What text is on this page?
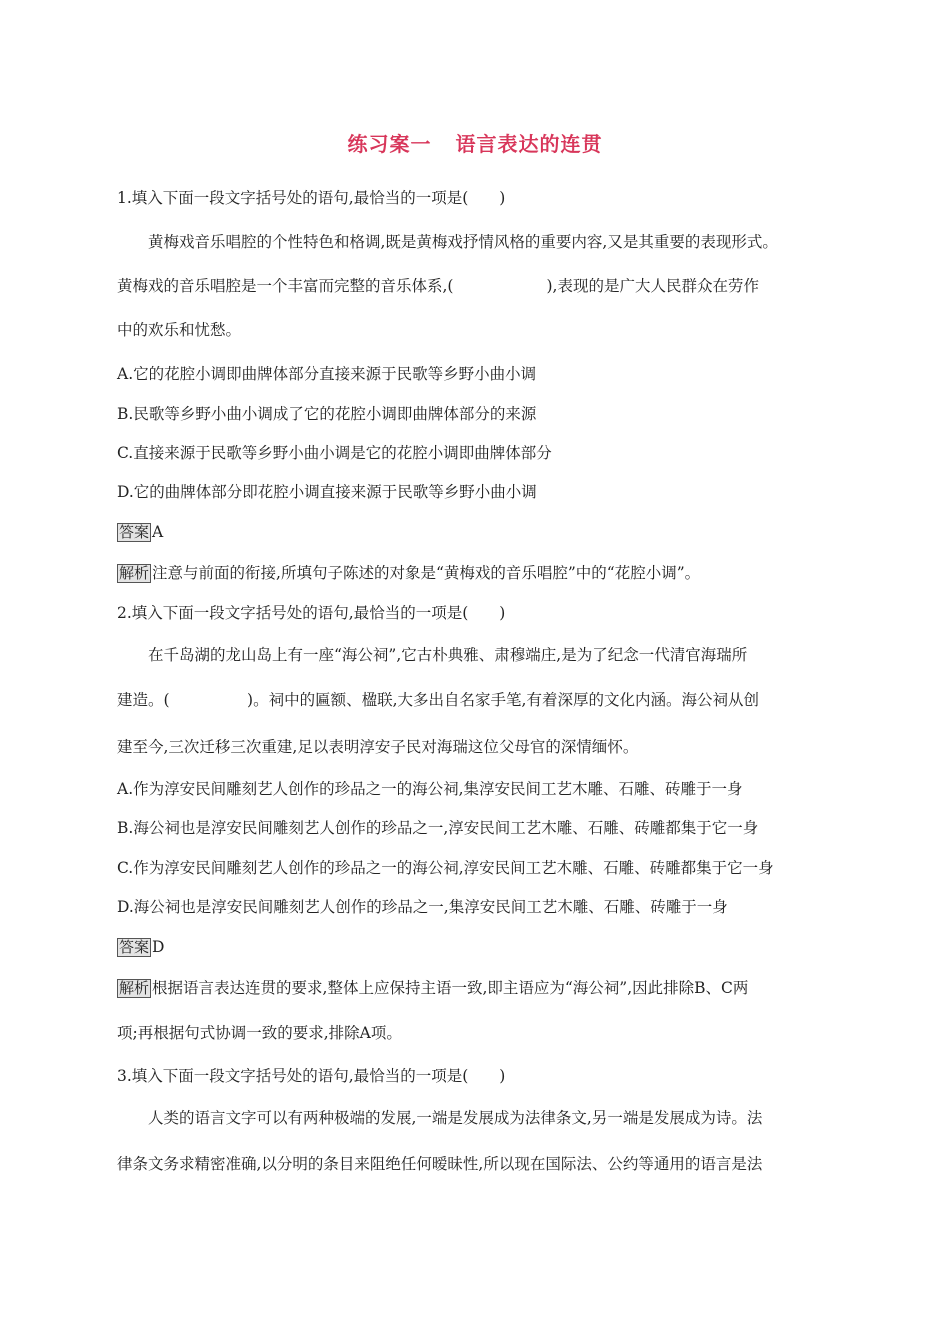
练习案一 语言表达的连贯
1.填入下面一段文字括号处的语句,最恰当的一项是(　　)
黄梅戏音乐唱腔的个性特色和格调,既是黄梅戏抒情风格的重要内容,又是其重要的表现形式。
黄梅戏的音乐唱腔是一个丰富而完整的音乐体系,(　　　　　　),表现的是广大人民群众在劳作
中的欢乐和忧愁。
A.它的花腔小调即曲牌体部分直接来源于民歌等乡野小曲小调
B.民歌等乡野小曲小调成了它的花腔小调即曲牌体部分的来源
C.直接来源于民歌等乡野小曲小调是它的花腔小调即曲牌体部分
D.它的曲牌体部分即花腔小调直接来源于民歌等乡野小曲小调
答案 A
解析 注意与前面的衔接,所填句子陈述的对象是“黄梅戏的音乐唱腔”中的“花腔小调”。
2.填入下面一段文字括号处的语句,最恰当的一项是(　　)
在千岛湖的龙山岛上有一座“海公祠”,它古朴典雅、肃穆端庄,是为了纪念一代清官海瑞所
建造。(　　　　　)。祠中的匾额、楹联,大多出自名家手笔,有着深厚的文化内涵。海公祠从创
建至今,三次迁移三次重建,足以表明淳安子民对海瑞这位父母官的深情缅怀。
A.作为淳安民间雕刻艺人创作的珍品之一的海公祠,集淳安民间工艺木雕、石雕、砖雕于一身
B.海公祠也是淳安民间雕刻艺人创作的珍品之一,淳安民间工艺木雕、石雕、砖雕都集于它一身
C.作为淳安民间雕刻艺人创作的珍品之一的海公祠,淳安民间工艺木雕、石雕、砖雕都集于它一身
D.海公祠也是淳安民间雕刻艺人创作的珍品之一,集淳安民间工艺木雕、石雕、砖雕于一身
答案 D
解析 根据语言表达连贯的要求,整体上应保持主语一致,即主语应为“海公祠”,因此排除B、C两
项;再根据句式协调一致的要求,排除A项。
3.填入下面一段文字括号处的语句,最恰当的一项是(　　)
人类的语言文字可以有两种极端的发展,一端是发展成为法律条文,另一端是发展成为诗。法
律条文务求精密准确,以分明的条目来阻绝任何暧昧性,所以现在国际法、公约等通用的语言是法
